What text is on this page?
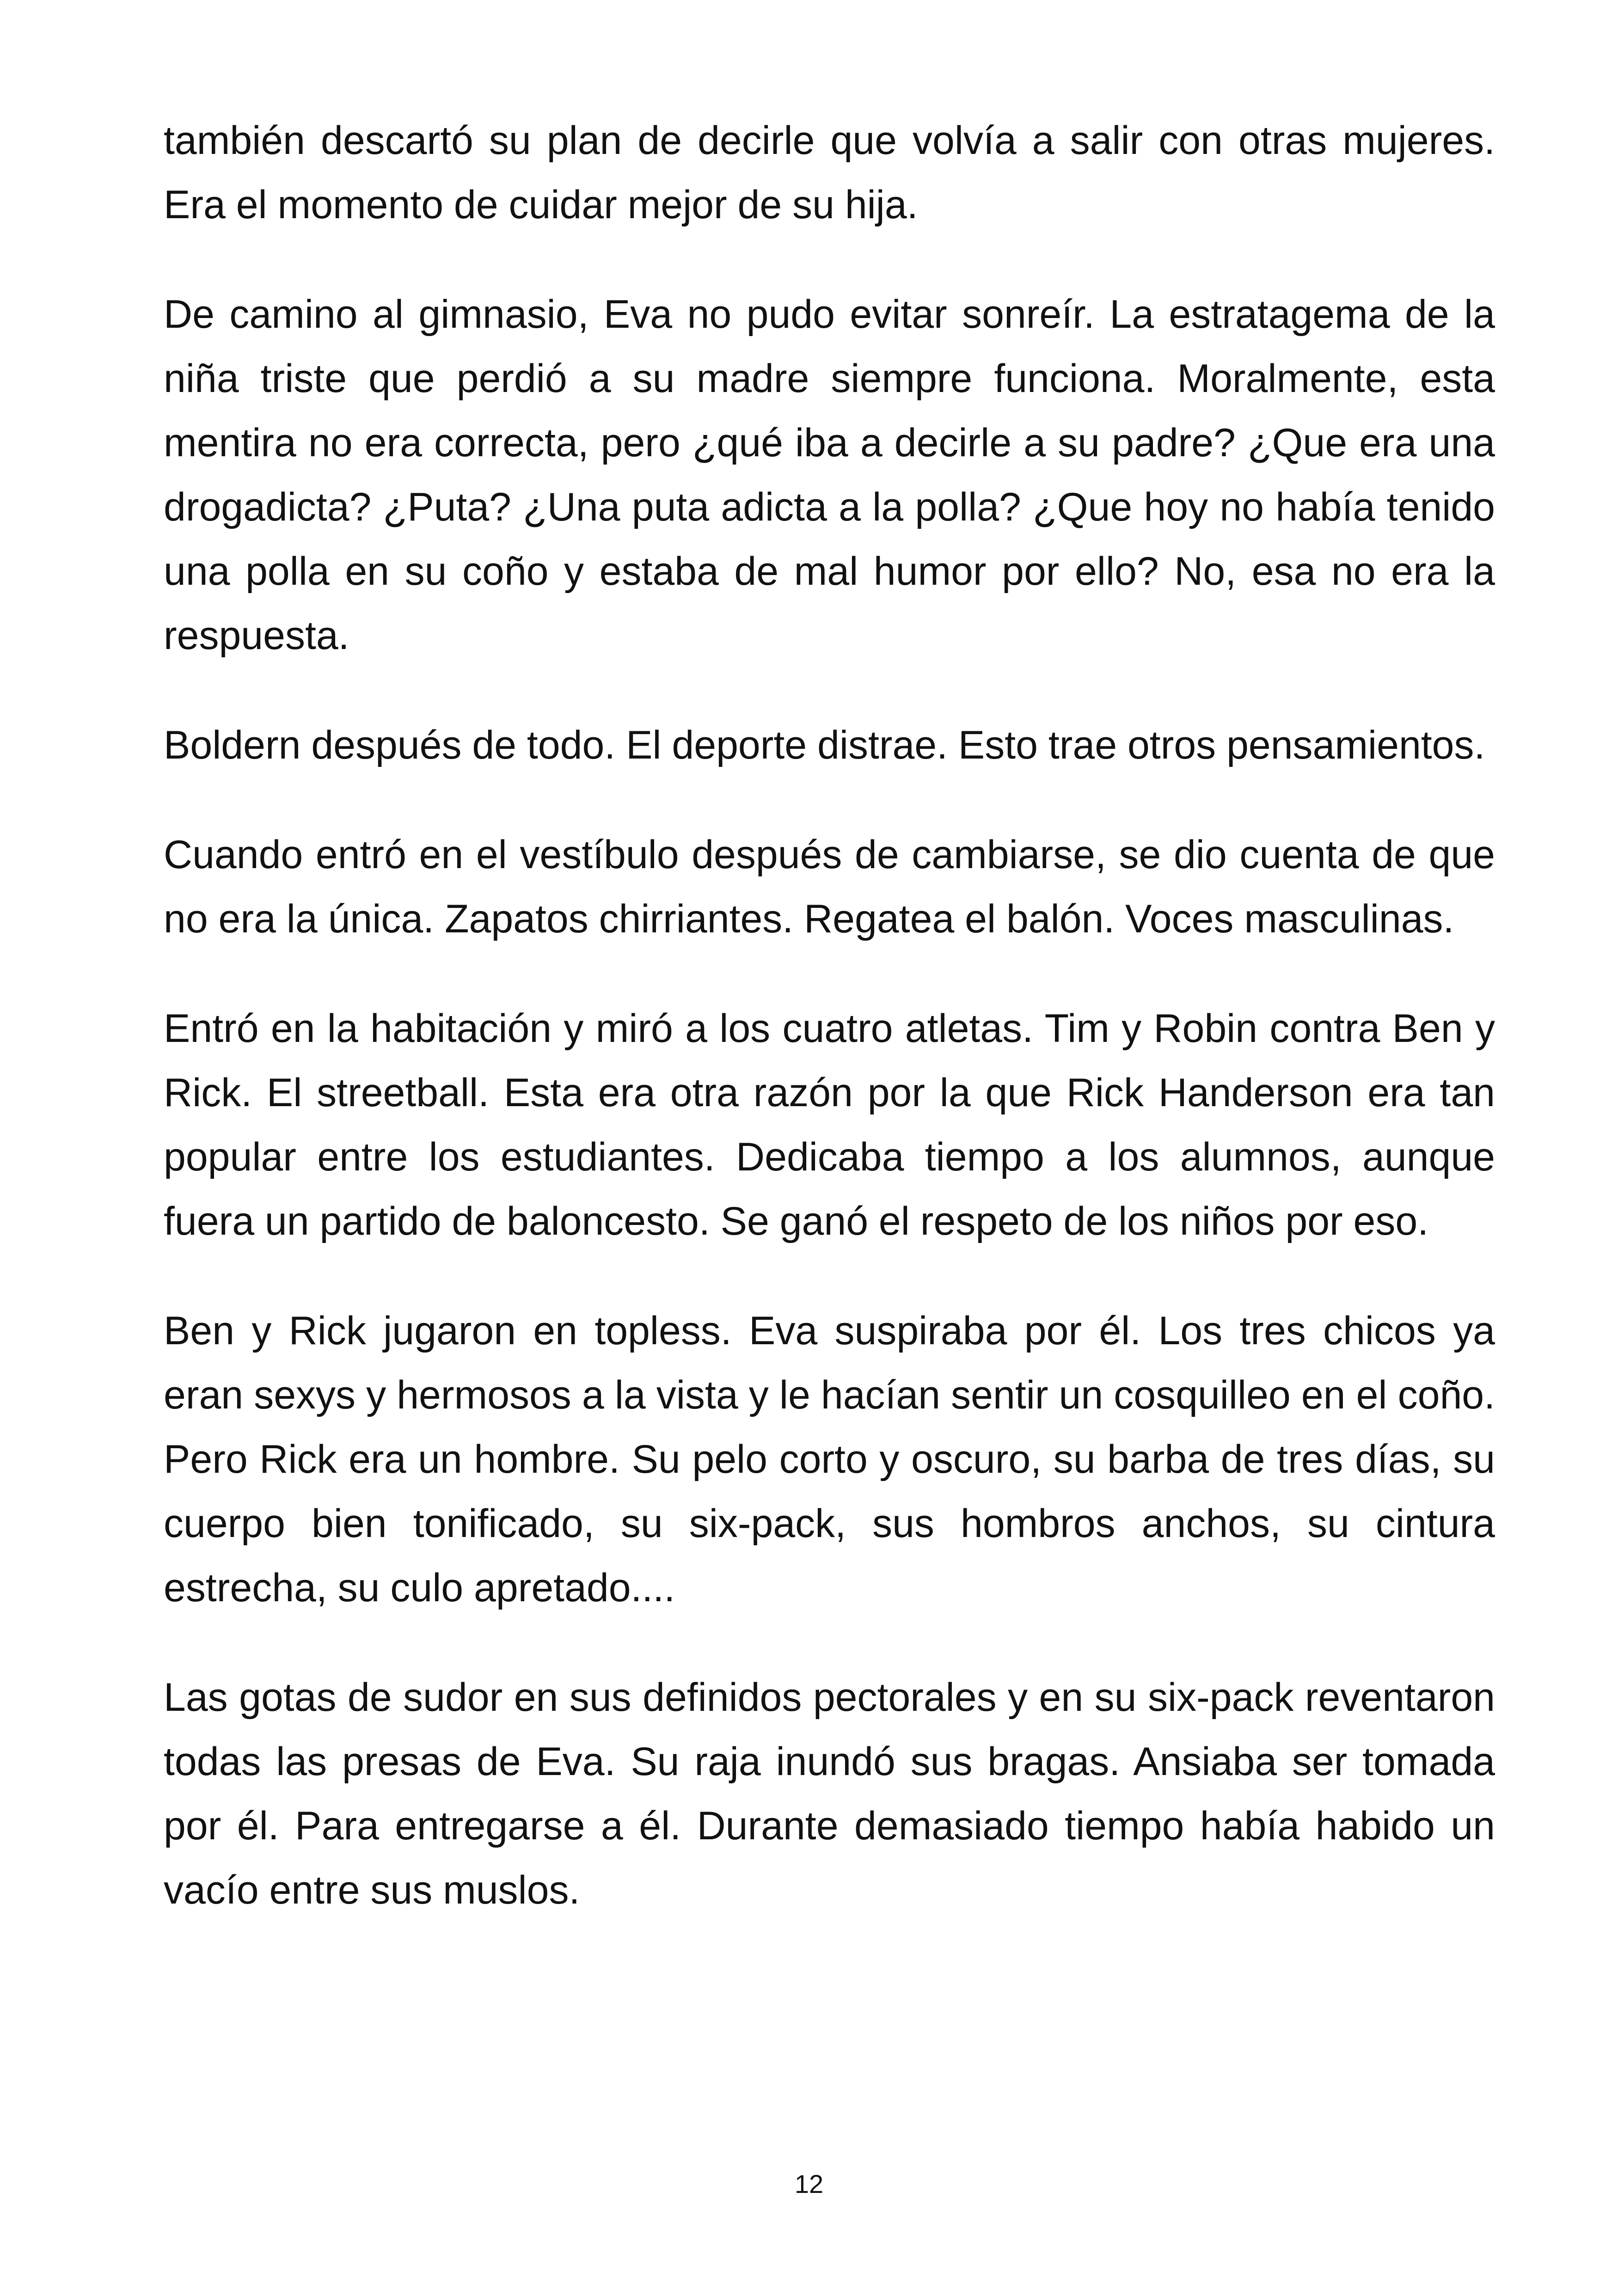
también descartó su plan de decirle que volvía a salir con otras mujeres. Era el momento de cuidar mejor de su hija.

De camino al gimnasio, Eva no pudo evitar sonreír. La estratagema de la niña triste que perdió a su madre siempre funciona. Moralmente, esta mentira no era correcta, pero ¿qué iba a decirle a su padre? ¿Que era una drogadicta? ¿Puta? ¿Una puta adicta a la polla? ¿Que hoy no había tenido una polla en su coño y estaba de mal humor por ello? No, esa no era la respuesta.

Boldern después de todo. El deporte distrae. Esto trae otros pensamientos.

Cuando entró en el vestíbulo después de cambiarse, se dio cuenta de que no era la única. Zapatos chirriantes. Regatea el balón. Voces masculinas.

Entró en la habitación y miró a los cuatro atletas. Tim y Robin contra Ben y Rick. El streetball. Esta era otra razón por la que Rick Handerson era tan popular entre los estudiantes. Dedicaba tiempo a los alumnos, aunque fuera un partido de baloncesto. Se ganó el respeto de los niños por eso.

Ben y Rick jugaron en topless. Eva suspiraba por él. Los tres chicos ya eran sexys y hermosos a la vista y le hacían sentir un cosquilleo en el coño. Pero Rick era un hombre. Su pelo corto y oscuro, su barba de tres días, su cuerpo bien tonificado, su six-pack, sus hombros anchos, su cintura estrecha, su culo apretado....

Las gotas de sudor en sus definidos pectorales y en su six-pack reventaron todas las presas de Eva. Su raja inundó sus bragas. Ansiaba ser tomada por él. Para entregarse a él. Durante demasiado tiempo había habido un vacío entre sus muslos.

12
